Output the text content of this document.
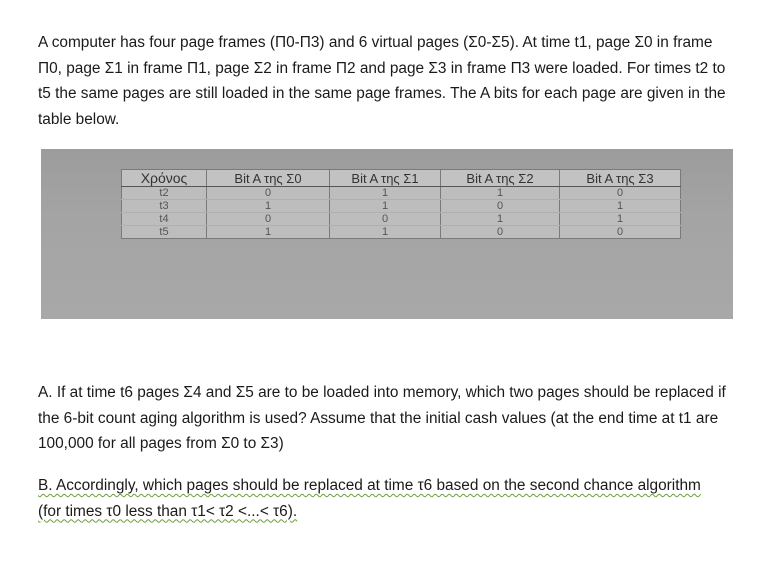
A computer has four page frames (Π0-Π3) and 6 virtual pages (Σ0-Σ5). At time t1, page Σ0 in frame Π0, page Σ1 in frame Π1, page Σ2 in frame Π2 and page Σ3 in frame Π3 were loaded. For times t2 to t5 the same pages are still loaded in the same page frames. The A bits for each page are given in the table below.

Χρόνος	Bit A της Σ0	Bit A της Σ1	Bit A της Σ2	Bit A της Σ3
t2	0	1	1	0
t3	1	1	0	1
t4	0	0	1	1
t5	1	1	0	0

A. If at time t6 pages Σ4 and Σ5 are to be loaded into memory, which two pages should be replaced if the 6-bit count aging algorithm is used? Assume that the initial cash values (at the end time at t1 are 100,000 for all pages from Σ0 to Σ3)

B. Accordingly, which pages should be replaced at time τ6 based on the second chance algorithm (for times τ0 less than τ1< τ2 <...< τ6).
